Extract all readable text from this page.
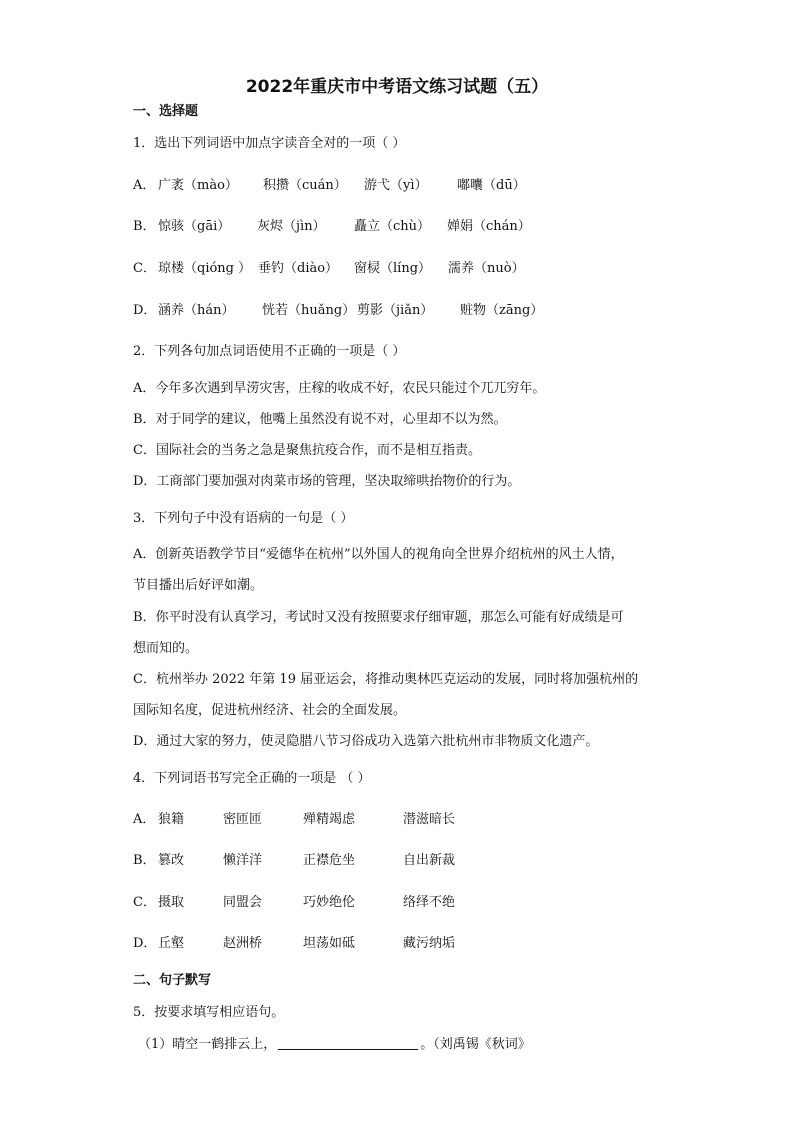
2022年重庆市中考语文练习试题（五）
一、选择题
1．选出下列词语中加点字读音全对的一项（ ）
A． 广袤（mào） 积攒（cuán） 游弋（yì） 嘟囔（dū）
B． 惊骇（gāi） 灰烬（jìn） 矗立（chù） 婵娟（chán）
C． 琼楼（qióng ） 垂钓（diào） 窗棂（líng） 濡养（nuò）
D． 涵养（hán） 恍若（huǎng） 剪影（jiǎn） 赃物（zāng）
2．下列各句加点词语使用不正确的一项是（ ）
A．今年多次遇到旱涝灾害，庄稼的收成不好，农民只能过个兀兀穷年。
B．对于同学的建议，他嘴上虽然没有说不对，心里却不以为然。
C．国际社会的当务之急是聚焦抗疫合作，而不是相互指责。
D．工商部门要加强对肉菜市场的管理，坚决取缔哄抬物价的行为。
3．下列句子中没有语病的一句是（ ）
A．创新英语教学节目“爱德华在杭州”以外国人的视角向全世界介绍杭州的风土人情，
节目播出后好评如潮。
B．你平时没有认真学习，考试时又没有按照要求仔细审题，那怎么可能有好成绩是可
想而知的。
C．杭州举办 2022 年第 19 届亚运会，将推动奥林匹克运动的发展，同时将加强杭州的
国际知名度，促进杭州经济、社会的全面发展。
D．通过大家的努力，使灵隐腊八节习俗成功入选第六批杭州市非物质文化遗产。
4．下列词语书写完全正确的一项是 （ ）
A． 狼籍	密匝匝	殚精竭虑	潜滋暗长
B． 篡改	懒洋洋	正襟危坐	自出新裁
C． 摄取	同盟会	巧妙绝伦	络绎不绝
D． 丘壑	赵洲桥	坦荡如砥	藏污纳垢
二、句子默写
5．按要求填写相应语句。
（1）晴空一鹤排云上，	。（刘禹锡《秋词》
